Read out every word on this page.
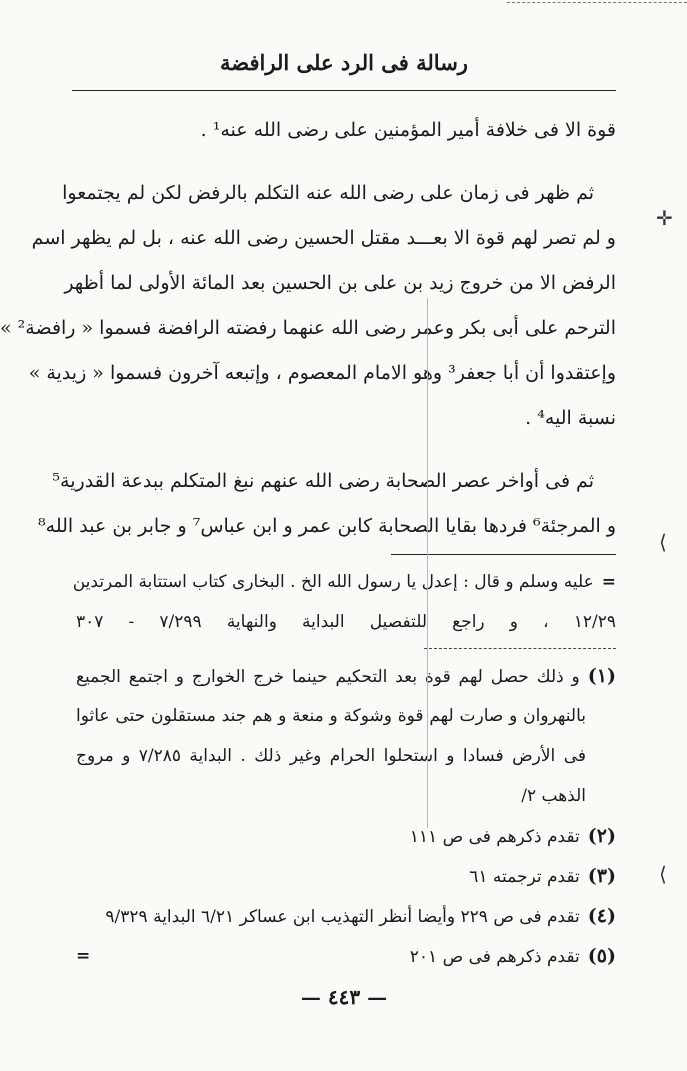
رسالة فى الرد على الرافضة
قوة الا فى خلافة أمير المؤمنين على رضى الله عنه¹ .
ثم ظهر فى زمان على رضى الله عنه التكلم بالرفض لكن لم يجتمعوا
و لم تصر لهم قوة الا بعـــد مقتل الحسين رضى الله عنه ، بل لم يظهر اسم
الرفض الا من خروج زيد بن على بن الحسين بعد المائة الأولى لما أظهر
الترحم على أبى بكر وعمر رضى الله عنهما رفضته الرافضة فسموا « رافضة² »
وإعتقدوا أن أبا جعفر³ وهو الامام المعصوم ، وإتبعه آخرون فسموا « زيدية »
نسبة اليه⁴ .
ثم فى أواخر عصر الصحابة رضى الله عنهم نبغ المتكلم ببدعة القدرية⁵
و المرجئة⁶ فردها بقايا الصحابة كابن عمر و ابن عباس⁷ و جابر بن عبد الله⁸
=عليه وسلم و قال : إعدل يا رسول الله الخ . البخارى كتاب استتابة المرتدين
١٢/٢٩ ، و راجع للتفصيل البداية والنهاية ٧/٢٩٩ - ٣٠٧
(١)و ذلك حصل لهم قوة بعد التحكيم حينما خرج الخوارج و اجتمع الجميع
بالنهروان و صارت لهم قوة وشوكة و منعة و هم جند مستقلون حتى عاثوا
فى الأرض فسادا و استحلوا الحرام وغير ذلك . البداية ٧/٢٨٥ و مروج
الذهب ٢/
(٢)تقدم ذكرهم فى ص ١١١
(٣)تقدم ترجمته ٦١
(٤)تقدم فى ص ٢٢٩ وأيضا أنظر التهذيب ابن عساكر ٦/٢١ البداية ٩/٣٢٩
(٥)تقدم ذكرهم فى ص ٢٠١
=
✛
⟩
⟩
— ٤٤٣ —
